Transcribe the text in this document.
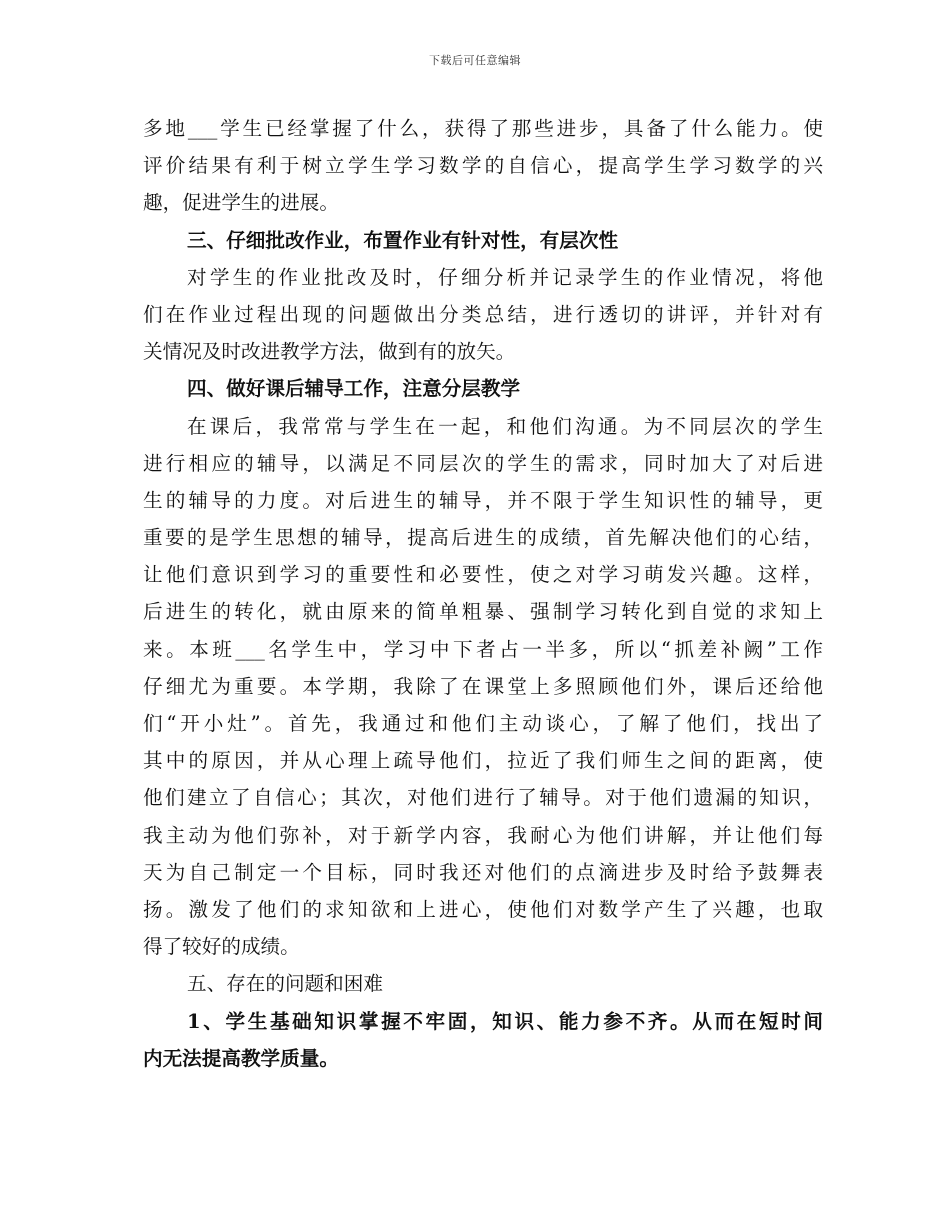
下载后可任意编辑
多地___学生已经掌握了什么，获得了那些进步，具备了什么能力。使
评价结果有利于树立学生学习数学的自信心，提高学生学习数学的兴
趣，促进学生的进展。
三、仔细批改作业，布置作业有针对性，有层次性
对学生的作业批改及时，仔细分析并记录学生的作业情况，将他
们在作业过程出现的问题做出分类总结，进行透切的讲评，并针对有
关情况及时改进教学方法，做到有的放矢。
四、做好课后辅导工作，注意分层教学
在课后，我常常与学生在一起，和他们沟通。为不同层次的学生
进行相应的辅导，以满足不同层次的学生的需求，同时加大了对后进
生的辅导的力度。对后进生的辅导，并不限于学生知识性的辅导，更
重要的是学生思想的辅导，提高后进生的成绩，首先解决他们的心结，
让他们意识到学习的重要性和必要性，使之对学习萌发兴趣。这样，
后进生的转化，就由原来的简单粗暴、强制学习转化到自觉的求知上
来。本班___名学生中，学习中下者占一半多，所以“抓差补阙”工作
仔细尤为重要。本学期，我除了在课堂上多照顾他们外，课后还给他
们“开小灶”。首先，我通过和他们主动谈心，了解了他们，找出了
其中的原因，并从心理上疏导他们，拉近了我们师生之间的距离，使
他们建立了自信心；其次，对他们进行了辅导。对于他们遗漏的知识，
我主动为他们弥补，对于新学内容，我耐心为他们讲解，并让他们每
天为自己制定一个目标，同时我还对他们的点滴进步及时给予鼓舞表
扬。激发了他们的求知欲和上进心，使他们对数学产生了兴趣，也取
得了较好的成绩。
五、存在的问题和困难
1、学生基础知识掌握不牢固，知识、能力参不齐。从而在短时间
内无法提高教学质量。
